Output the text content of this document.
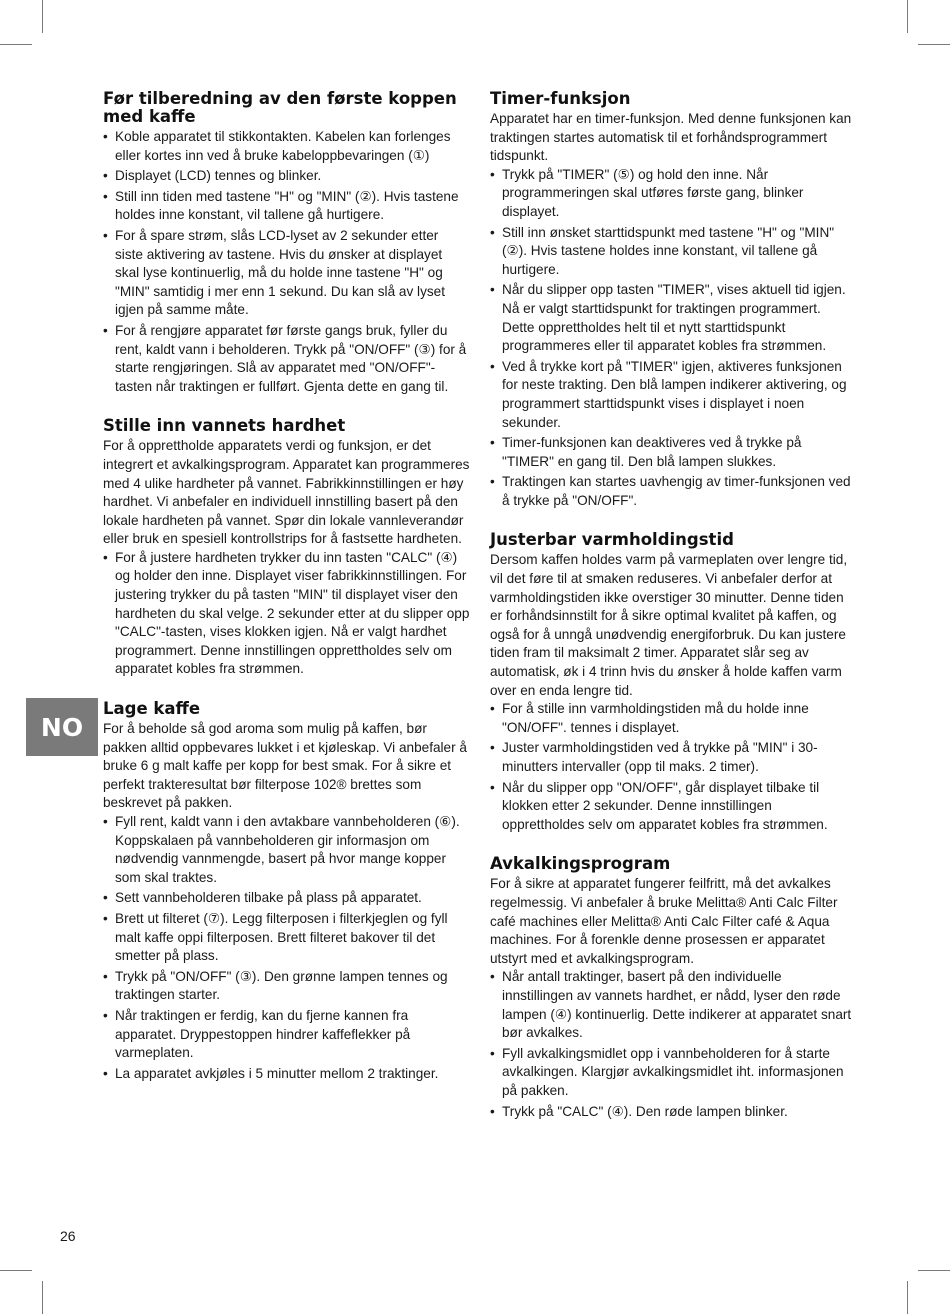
Før tilberedning av den første koppen med kaffe
• Koble apparatet til stikkontakten. Kabelen kan forlenges eller kortes inn ved å bruke kabeloppbevaringen (①)
• Displayet (LCD) tennes og blinker.
• Still inn tiden med tastene "H" og "MIN" (②). Hvis tastene holdes inne konstant, vil tallene gå hurtigere.
• For å spare strøm, slås LCD-lyset av 2 sekunder etter siste aktivering av tastene. Hvis du ønsker at displayet skal lyse kontinuerlig, må du holde inne tastene "H" og "MIN" samtidig i mer enn 1 sekund. Du kan slå av lyset igjen på samme måte.
• For å rengjøre apparatet før første gangs bruk, fyller du rent, kaldt vann i beholderen. Trykk på "ON/OFF" (③) for å starte rengjøringen. Slå av apparatet med "ON/OFF"-tasten når traktingen er fullført. Gjenta dette en gang til.
Stille inn vannets hardhet

For å opprettholde apparatets verdi og funksjon, er det integrert et avkalkingsprogram. Apparatet kan programmeres med 4 ulike hardheter på vannet. Fabrikkinnstillingen er høy hardhet. Vi anbefaler en individuell innstilling basert på den lokale hardheten på vannet. Spør din lokale vannleverandør eller bruk en spesiell kontrollstrips for å fastsette hardheten.

• For å justere hardheten trykker du inn tasten "CALC" (④) og holder den inne. Displayet viser fabrikkinnstillingen. For justering trykker du på tasten "MIN" til displayet viser den hardheten du skal velge. 2 sekunder etter at du slipper opp "CALC"-tasten, vises klokken igjen. Nå er valgt hardhet programmert. Denne innstillingen opprettholdes selv om apparatet kobles fra strømmen.
Lage kaffe

For å beholde så god aroma som mulig på kaffen, bør pakken alltid oppbevares lukket i et kjøleskap. Vi anbefaler å bruke 6 g malt kaffe per kopp for best smak. For å sikre et perfekt trakteresultat bør filterpose 102® brettes som beskrevet på pakken.

• Fyll rent, kaldt vann i den avtakbare vannbeholderen (⑥). Koppskalaen på vannbeholderen gir informasjon om nødvendig vannmengde, basert på hvor mange kopper som skal traktes.
• Sett vannbeholderen tilbake på plass på apparatet.
• Brett ut filteret (⑦). Legg filterposen i filterkjeglen og fyll malt kaffe oppi filterposen. Brett filteret bakover til det smetter på plass.
• Trykk på "ON/OFF" (③). Den grønne lampen tennes og traktingen starter.
• Når traktingen er ferdig, kan du fjerne kannen fra apparatet. Dryppestoppen hindrer kaffeflekker på varmeplaten.
• La apparatet avkjøles i 5 minutter mellom 2 traktinger.
Timer-funksjon

Apparatet har en timer-funksjon. Med denne funksjonen kan traktingen startes automatisk til et forhåndsprogrammert tidspunkt.

• Trykk på "TIMER" (⑤) og hold den inne. Når programmeringen skal utføres første gang, blinker displayet.
• Still inn ønsket starttidspunkt med tastene "H" og "MIN" (②). Hvis tastene holdes inne konstant, vil tallene gå hurtigere.
• Når du slipper opp tasten "TIMER", vises aktuell tid igjen. Nå er valgt starttidspunkt for traktingen programmert. Dette opprettholdes helt til et nytt starttidspunkt programmeres eller til apparatet kobles fra strømmen.
• Ved å trykke kort på "TIMER" igjen, aktiveres funksjonen for neste trakting. Den blå lampen indikerer aktivering, og programmert starttidspunkt vises i displayet i noen sekunder.
• Timer-funksjonen kan deaktiveres ved å trykke på "TIMER" en gang til. Den blå lampen slukkes.
• Traktingen kan startes uavhengig av timer-funksjonen ved å trykke på "ON/OFF".
Justerbar varmholdingstid

Dersom kaffen holdes varm på varmeplaten over lengre tid, vil det føre til at smaken reduseres. Vi anbefaler derfor at varmholdingstiden ikke overstiger 30 minutter. Denne tiden er forhåndsinnstilt for å sikre optimal kvalitet på kaffen, og også for å unngå unødvendig energiforbruk. Du kan justere tiden fram til maksimalt 2 timer. Apparatet slår seg av automatisk, øk i 4 trinn hvis du ønsker å holde kaffen varm over en enda lengre tid.

• For å stille inn varmholdingstiden må du holde inne "ON/OFF". tennes i displayet.
• Juster varmholdingstiden ved å trykke på "MIN" i 30-minutters intervaller (opp til maks. 2 timer).
• Når du slipper opp "ON/OFF", går displayet tilbake til klokken etter 2 sekunder. Denne innstillingen opprettholdes selv om apparatet kobles fra strømmen.
Avkalkingsprogram

For å sikre at apparatet fungerer feilfritt, må det avkalkes regelmessig. Vi anbefaler å bruke Melitta® Anti Calc Filter café machines eller Melitta® Anti Calc Filter café & Aqua machines. For å forenkle denne prosessen er apparatet utstyrt med et avkalkingsprogram.

• Når antall traktinger, basert på den individuelle innstillingen av vannets hardhet, er nådd, lyser den røde lampen (④) kontinuerlig. Dette indikerer at apparatet snart bør avkalkes.
• Fyll avkalkingsmidlet opp i vannbeholderen for å starte avkalkingen. Klargjør avkalkingsmidlet iht. informasjonen på pakken.
• Trykk på "CALC" (④). Den røde lampen blinker.
NO
26
